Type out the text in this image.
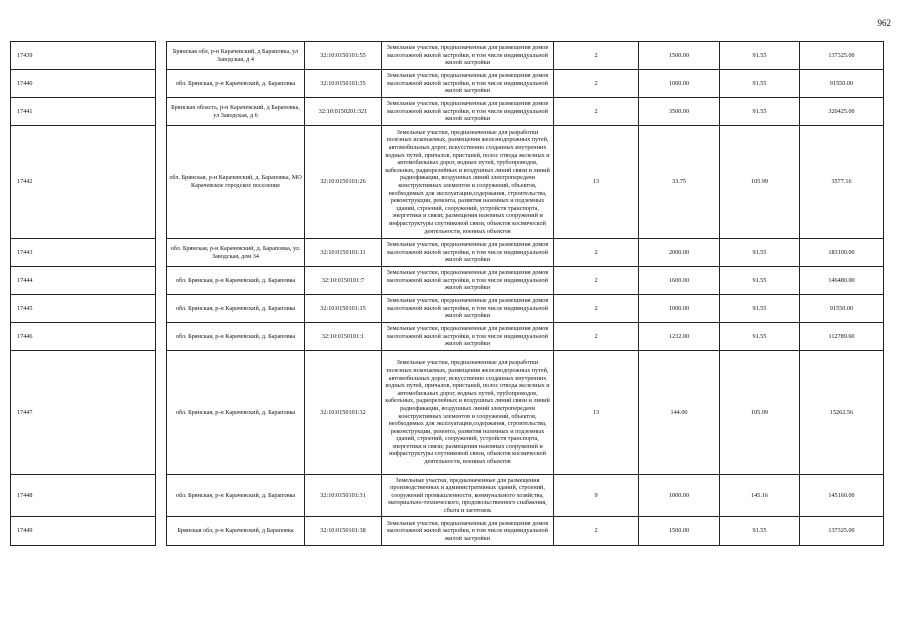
962
17439		Брянская обл, р-н Карачевский, д Бараповка, ул Заводская, д 4	32:10:0150101:55	Земельные участки, предназначенные для размещения домов малоэтажной жилой застройки, в том числе индивидуальной жилой застройки	2	1500.00	91.55	137325.00
17440		обл. Брянская, р-н Карачевский, д. Бараповка	32:10:0150101:35	Земельные участки, предназначенные для размещения домов малоэтажной жилой застройки, в том числе индивидуальной жилой застройки	2	1000.00	91.55	91550.00
17441		Брянская область, р-н Карачевский, д Бараповка, ул Заводская, д 6	32:10:0150201:321	Земельные участки, предназначенные для размещения домов малоэтажной жилой застройки, в том числе индивидуальной жилой застройки	2	3500.00	91.55	320425.00
17442		обл. Брянская, р-н Карачевский, д. Бараповка, МО Карачевское городское поселение	32:10:0150101:26	Земельные участки, предназначенные для разработки полезных ископаемых, размещения железнодорожных путей, автомобильных дорог, искусственно созданных внутренних водных путей, причалов, пристаней, полос отвода железных и автомобильных дорог, водных путей, трубопроводов, кабельных, радиорелейных и воздушных линий связи и линий радиофикации, воздушных линий электропередачи конструктивных элементов и сооружений, объектов, необходимых для эксплуатации,содержания, строительства, реконструкции, ремонта, развития наземных и подземных зданий, строений, сооружений, устройств транспорта, энергетики и связи; размещения наземных сооружений и инфраструктуры спутниковой связи, объектов космической деятельности, военных объектов	13	33.75	105.99	3577.16
17443		обл. Брянская, р-н Карачевский, д. Бараповка, ул. Заводская, дом 34	32:10:0150101:11	Земельные участки, предназначенные для размещения домов малоэтажной жилой застройки, в том числе индивидуальной жилой застройки	2	2000.00	91.55	183100.00
17444		обл. Брянская, р-н Карачевский, д. Бараповка	32:10:0150101:7	Земельные участки, предназначенные для размещения домов малоэтажной жилой застройки, в том числе индивидуальной жилой застройки	2	1600.00	91.55	146480.00
17445		обл. Брянская, р-н Карачевский, д. Бараповка	32:10:0150101:15	Земельные участки, предназначенные для размещения домов малоэтажной жилой застройки, в том числе индивидуальной жилой застройки	2	1000.00	91.55	91550.00
17446		обл. Брянская, р-н Карачевский, д. Бараповка	32:10:0150101:1	Земельные участки, предназначенные для размещения домов малоэтажной жилой застройки, в том числе индивидуальной жилой застройки	2	1232.00	91.55	112789.60
17447		обл. Брянская, р-н Карачевский, д. Бараповка	32:10:0150101:32	Земельные участки, предназначенные для разработки полезных ископаемых, размещения железнодорожных путей, автомобильных дорог, искусственно созданных внутренних водных путей, причалов, пристаней, полос отвода железных и автомобильных дорог, водных путей, трубопроводов, кабельных, радиорелейных и воздушных линий связи и линий радиофикации, воздушных линий электропередачи конструктивных элементов и сооружений, объектов, необходимых для эксплуатации,содержания, строительства, реконструкции, ремонта, развития наземных и подземных зданий, строений, сооружений, устройств транспорта, энергетики и связи; размещения наземных сооружений и инфраструктуры спутниковой связи, объектов космической деятельности, военных объектов	13	144.00	105.99	15262.56
17448		обл. Брянская, р-н Карачевский, д. Бараповка	32:10:0150101:31	Земельные участки, предназначенные для размещения производственных и административных зданий, строений, сооружений промышленности, коммунального хозяйства, материально-технического, продовольственного снабжения, сбыта и заготовок	9	1000.00	145.16	145160.00
17449		Брянская обл, р-н Карачевский, д Бараповка	32:10:0150101:38	Земельные участки, предназначенные для размещения домов малоэтажной жилой застройки, в том числе индивидуальной жилой застройки	2	1500.00	91.55	137325.00
